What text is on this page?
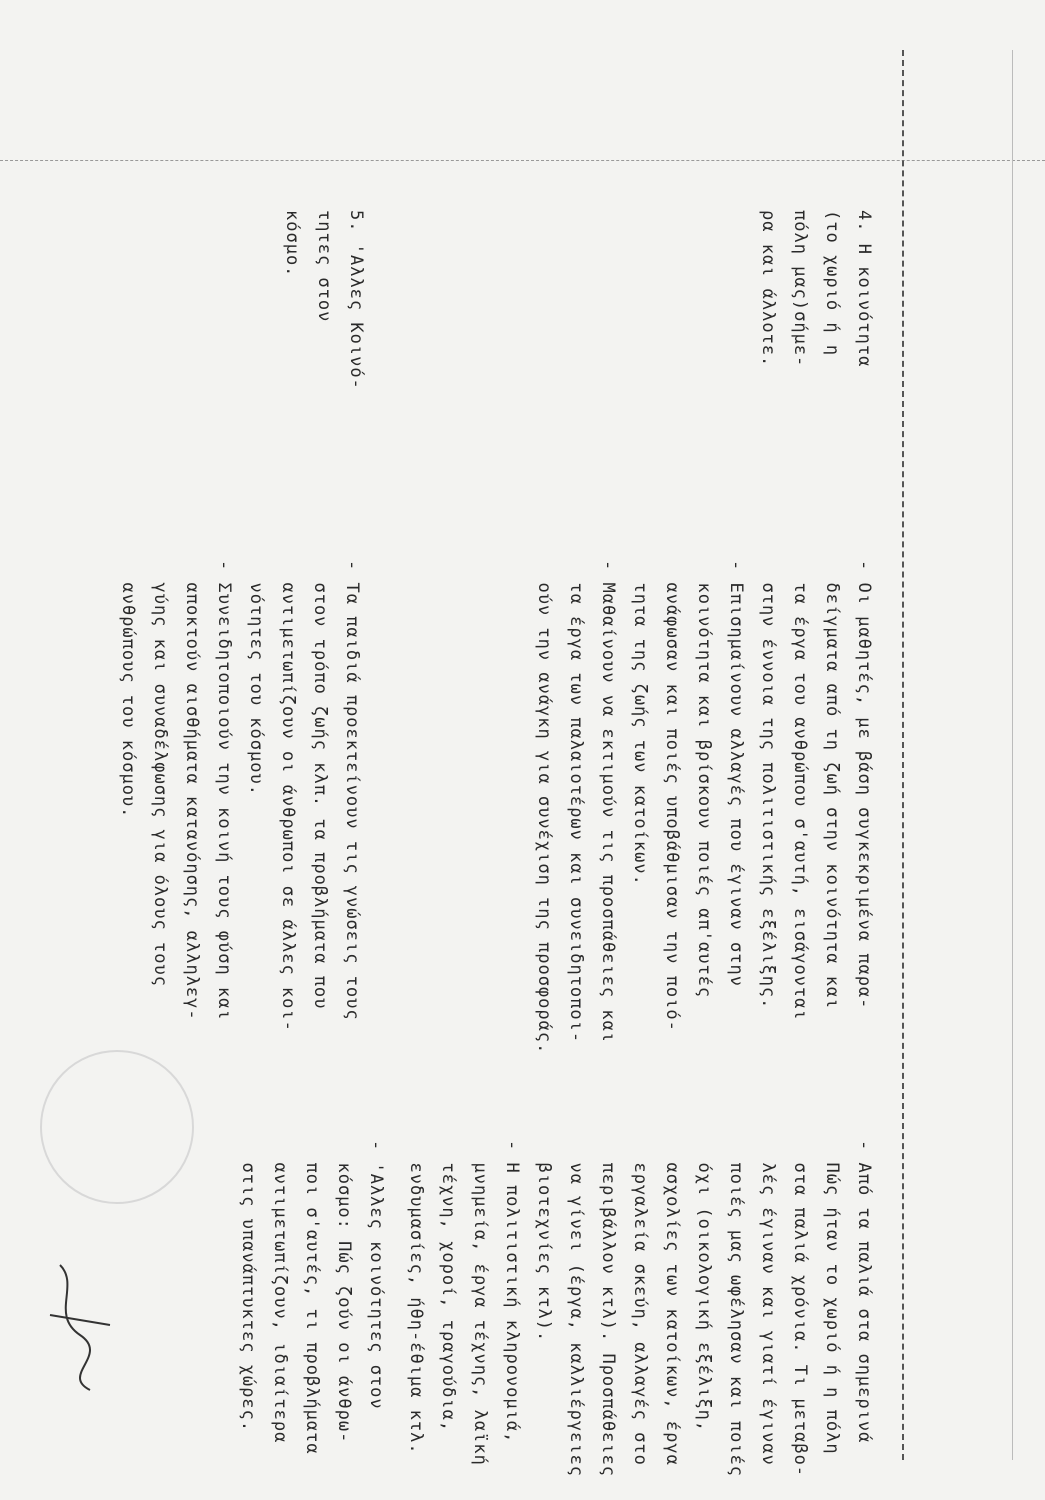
4. Η κοινότητα
(το χωριό ή η
πόλη μας)σήμε-
ρα και άλλοτε.
5. 'Αλλες Κοινό-
τητες στον
κόσμο.
- Οι μαθητές, με βάση συγκεκριμένα παρα-
δείγματα από τη ζωή στην κοινότητα και
τα έργα του ανθρώπου σ'αυτή, εισάγονται
στην έννοια της πολιτιστικής εξέλιξης.
- Επισημαίνουν αλλαγές που έγιναν στην
κοινότητα και βρίσκουν ποιές απ'αυτές
ανάφωσαν και ποιές υποβάθμισαν την ποιό-
τητα της ζωής των κατοίκων.
- Μαθαίνουν να εκτιμούν τις προσπάθειες και
τα έργα των παλαιοτέρων και συνειδητοποι-
ούν την ανάγκη για συνέχιση της προσφοράς.
- Τα παιδιά προεκτείνουν τις γνώσεις τους
στον τρόπο ζωής κλπ. τα προβλήματα που
αντιμετωπίζουν οι άνθρωποι σε άλλες κοι-
νότητες του κόσμου.
- Συνειδητοποιούν την κοινή τους φύση και
αποκτούν αισθήματα κατανόησης, αλληλεγ-
γύης και συναδέλφωσης για όλους τους
ανθρώπους του κόσμου.
- Από τα παλιά στα σημερινά
Πώς ήταν το χωριό ή η πόλη
στα παλιά χρόνια. Τι μεταβο-
λές έγιναν και γιατί έγιναν
ποιές μας ωφέλησαν και ποιές
όχι (οικολογική εξέλιξη,
ασχολίες των κατοίκων, έργα
εργαλεία σκεύη, αλλαγές στο
περιβάλλον κτλ). Προσπάθειες
να γίνει (έργα, καλλιέργειες
βιοτεχνίες κτλ).
- Η πολιτιστική κληρονομιά,
μνημεία, έργα τέχνης, λαϊκή
τέχνη, χοροί, τραγούδια,
ενδυμασίες, ήθη-έθιμα κτλ.
- 'Αλλες κοινότητες στον
κόσμο: Πώς ζούν οι άνθρω-
ποι σ'αυτές, τι προβλήματα
αντιμετωπίζουν, ιδιαίτερα
στις υπανάπτυκτες χώρες.
